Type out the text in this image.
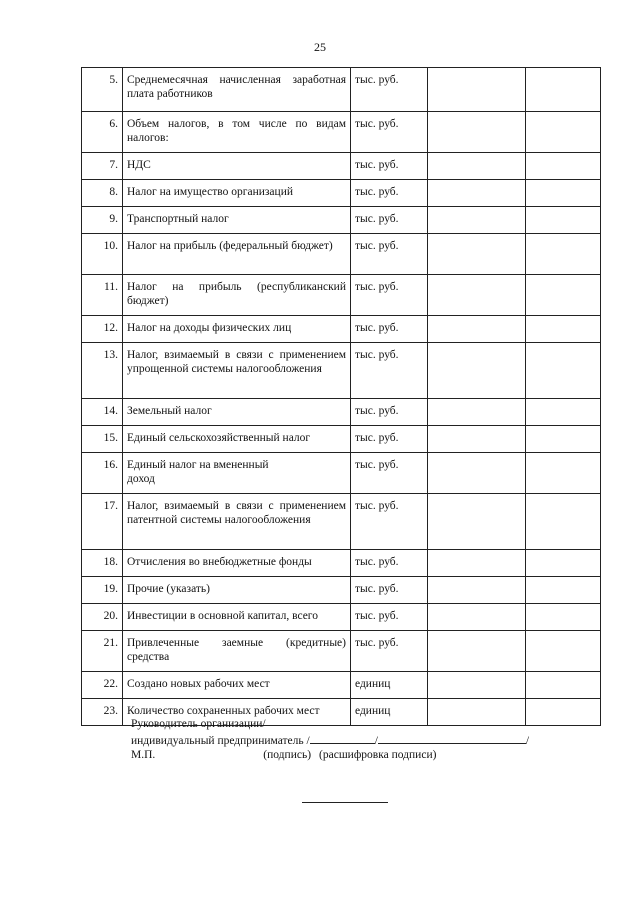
25
5.	Среднемесячная начисленная заработная плата работников	тыс. руб.		
6.	Объем налогов, в том числе по видам налогов:	тыс. руб.		
7.	НДС	тыс. руб.		
8.	Налог на имущество организаций	тыс. руб.		
9.	Транспортный налог	тыс. руб.		
10.	Налог на прибыль (федеральный бюджет)	тыс. руб.		
11.	Налог на прибыль (республиканский бюджет)	тыс. руб.		
12.	Налог на доходы физических лиц	тыс. руб.		
13.	Налог, взимаемый в связи с применением упрощенной системы налогообложения	тыс. руб.		
14.	Земельный налог	тыс. руб.		
15.	Единый сельскохозяйственный налог	тыс. руб.		
16.	Единый налог на вмененный доход	тыс. руб.		
17.	Налог, взимаемый в связи с применением патентной системы налогообложения	тыс. руб.		
18.	Отчисления во внебюджетные фонды	тыс. руб.		
19.	Прочие (указать)	тыс. руб.		
20.	Инвестиции в основной капитал, всего	тыс. руб.		
21.	Привлеченные заемные (кредитные) средства	тыс. руб.		
22.	Создано новых рабочих мест	единиц		
23.	Количество сохраненных рабочих мест	единиц		
Руководитель организации/
индивидуальный предприниматель /	/	/
М.П.	(подпись) (расшифровка подписи)
